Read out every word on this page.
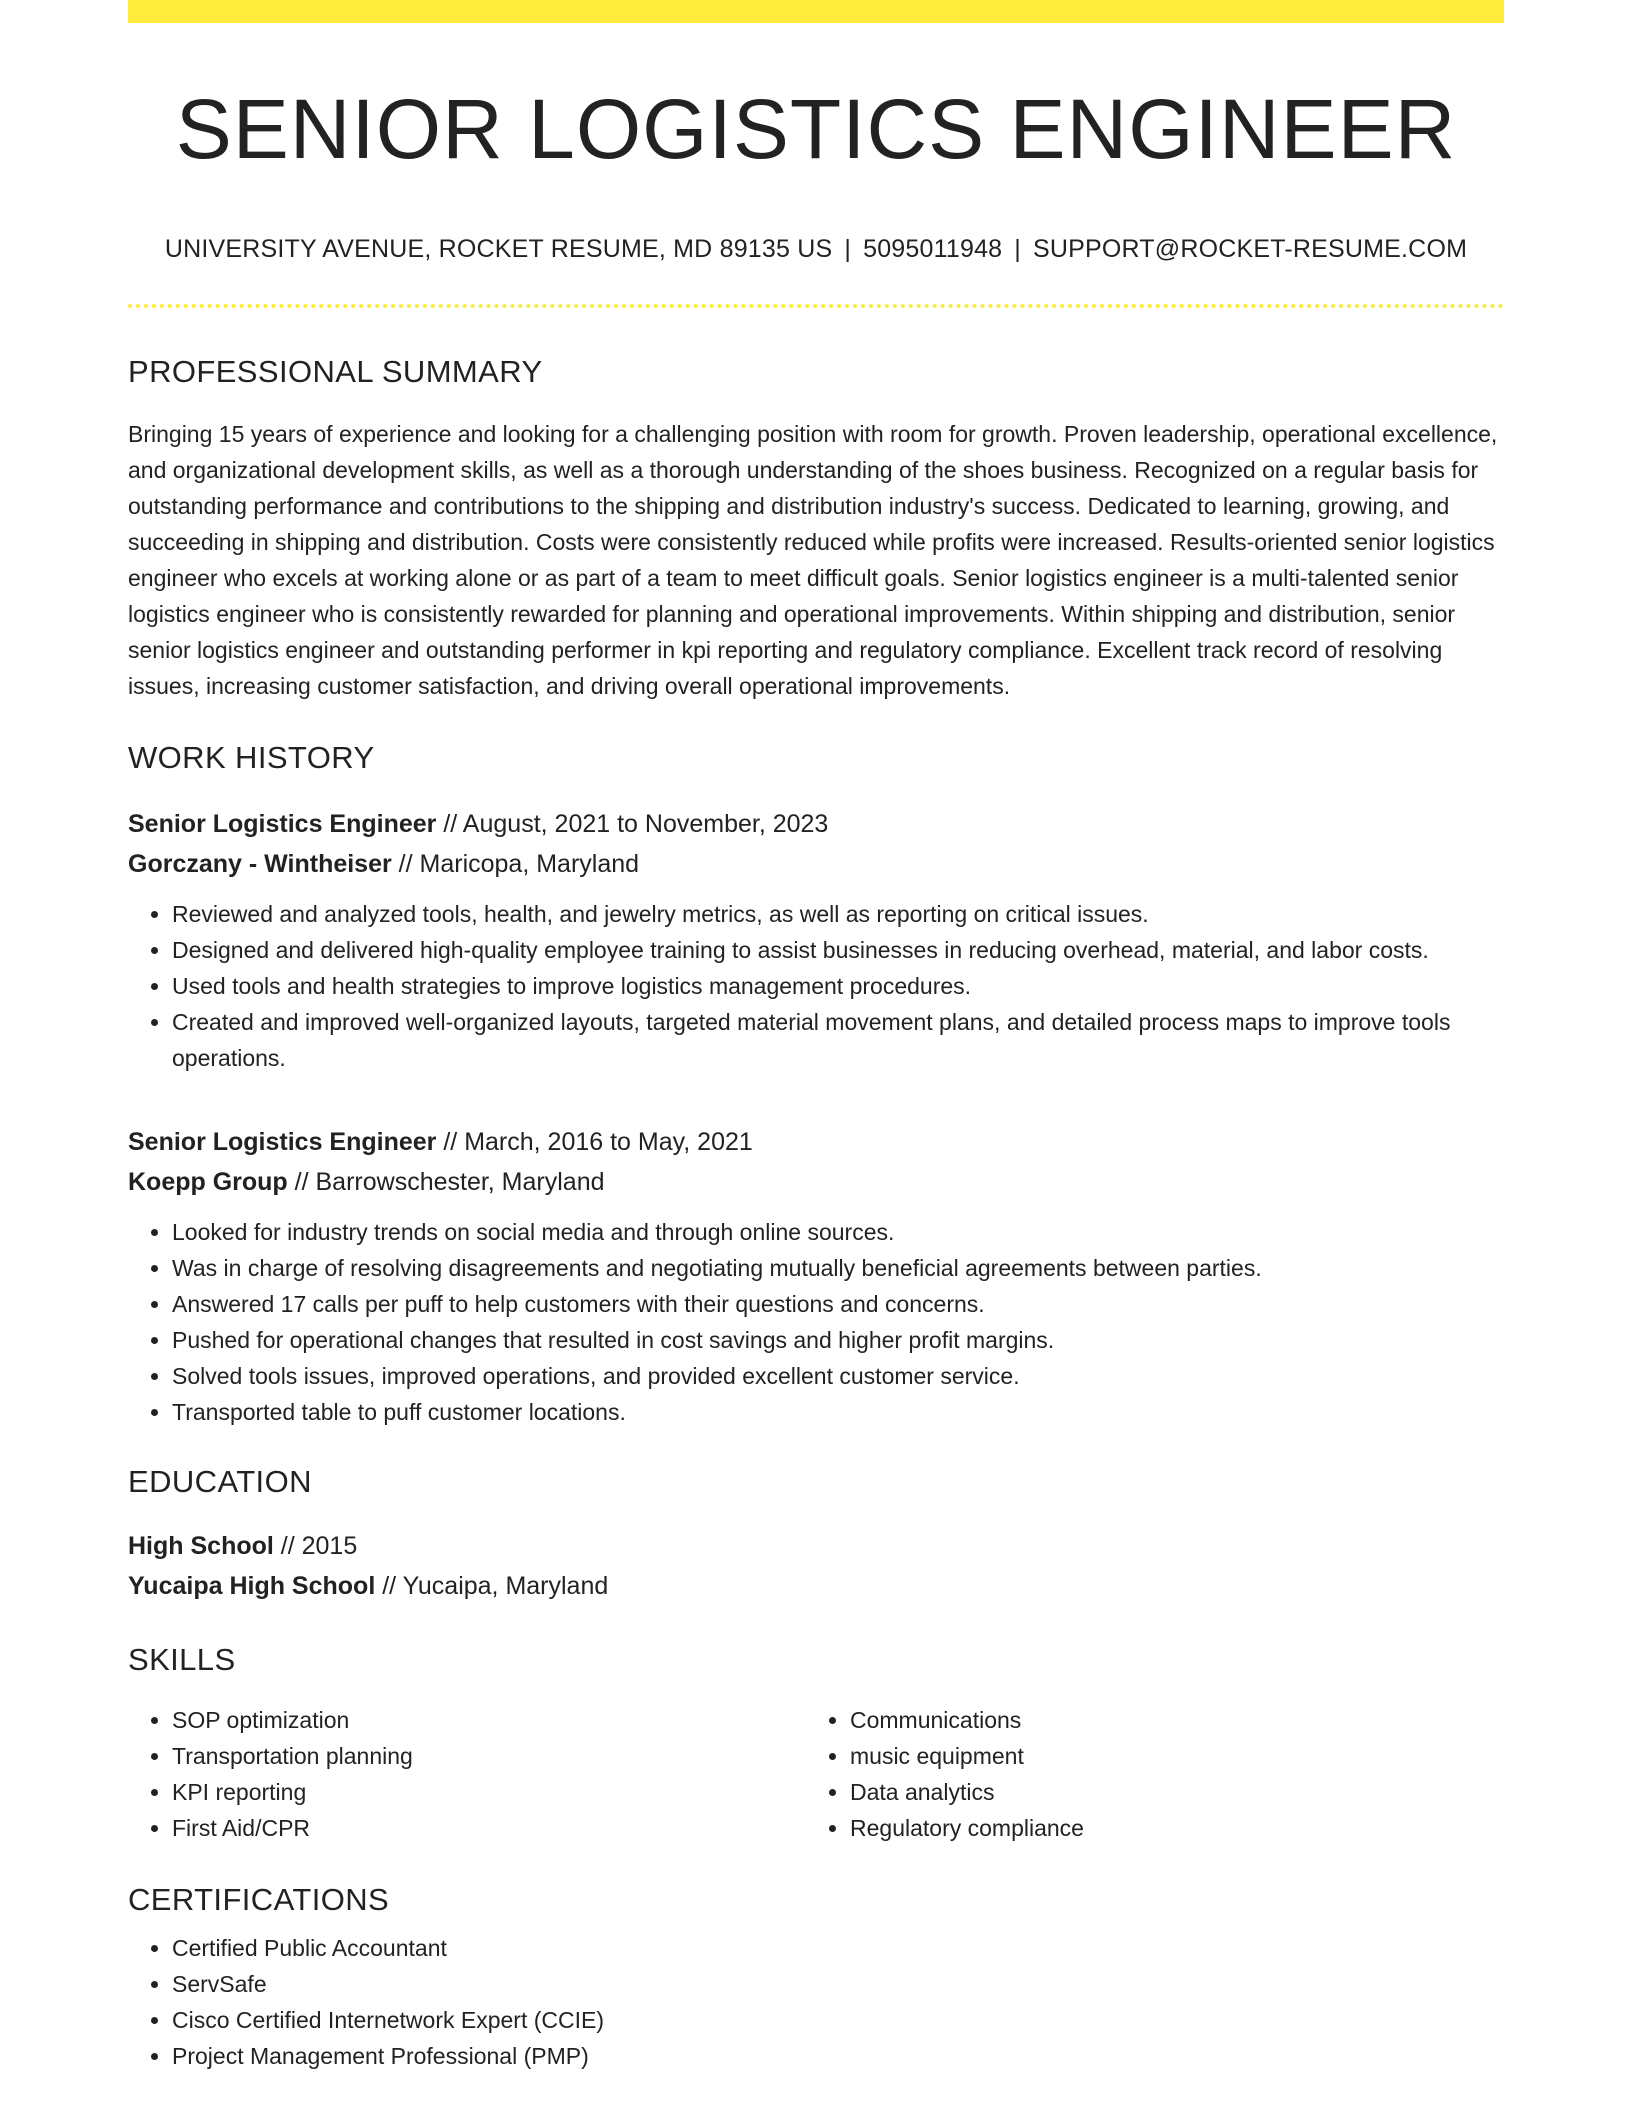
SENIOR LOGISTICS ENGINEER
UNIVERSITY AVENUE, ROCKET RESUME, MD 89135 US | 5095011948 | SUPPORT@ROCKET-RESUME.COM
PROFESSIONAL SUMMARY

Bringing 15 years of experience and looking for a challenging position with room for growth. Proven leadership, operational excellence, and organizational development skills, as well as a thorough understanding of the shoes business. Recognized on a regular basis for outstanding performance and contributions to the shipping and distribution industry's success. Dedicated to learning, growing, and succeeding in shipping and distribution. Costs were consistently reduced while profits were increased. Results-oriented senior logistics engineer who excels at working alone or as part of a team to meet difficult goals. Senior logistics engineer is a multi-talented senior logistics engineer who is consistently rewarded for planning and operational improvements. Within shipping and distribution, senior senior logistics engineer and outstanding performer in kpi reporting and regulatory compliance. Excellent track record of resolving issues, increasing customer satisfaction, and driving overall operational improvements.

WORK HISTORY
Senior Logistics Engineer // August, 2021 to November, 2023
Gorczany - Wintheiser // Maricopa, Maryland
• Reviewed and analyzed tools, health, and jewelry metrics, as well as reporting on critical issues.
• Designed and delivered high-quality employee training to assist businesses in reducing overhead, material, and labor costs.
• Used tools and health strategies to improve logistics management procedures.
• Created and improved well-organized layouts, targeted material movement plans, and detailed process maps to improve tools operations.
Senior Logistics Engineer // March, 2016 to May, 2021
Koepp Group // Barrowschester, Maryland
• Looked for industry trends on social media and through online sources.
• Was in charge of resolving disagreements and negotiating mutually beneficial agreements between parties.
• Answered 17 calls per puff to help customers with their questions and concerns.
• Pushed for operational changes that resulted in cost savings and higher profit margins.
• Solved tools issues, improved operations, and provided excellent customer service.
• Transported table to puff customer locations.
EDUCATION
High School // 2015
Yucaipa High School // Yucaipa, Maryland
SKILLS
• SOP optimization
• Transportation planning
• KPI reporting
• First Aid/CPR
• Communications
• music equipment
• Data analytics
• Regulatory compliance
CERTIFICATIONS
• Certified Public Accountant
• ServSafe
• Cisco Certified Internetwork Expert (CCIE)
• Project Management Professional (PMP)
